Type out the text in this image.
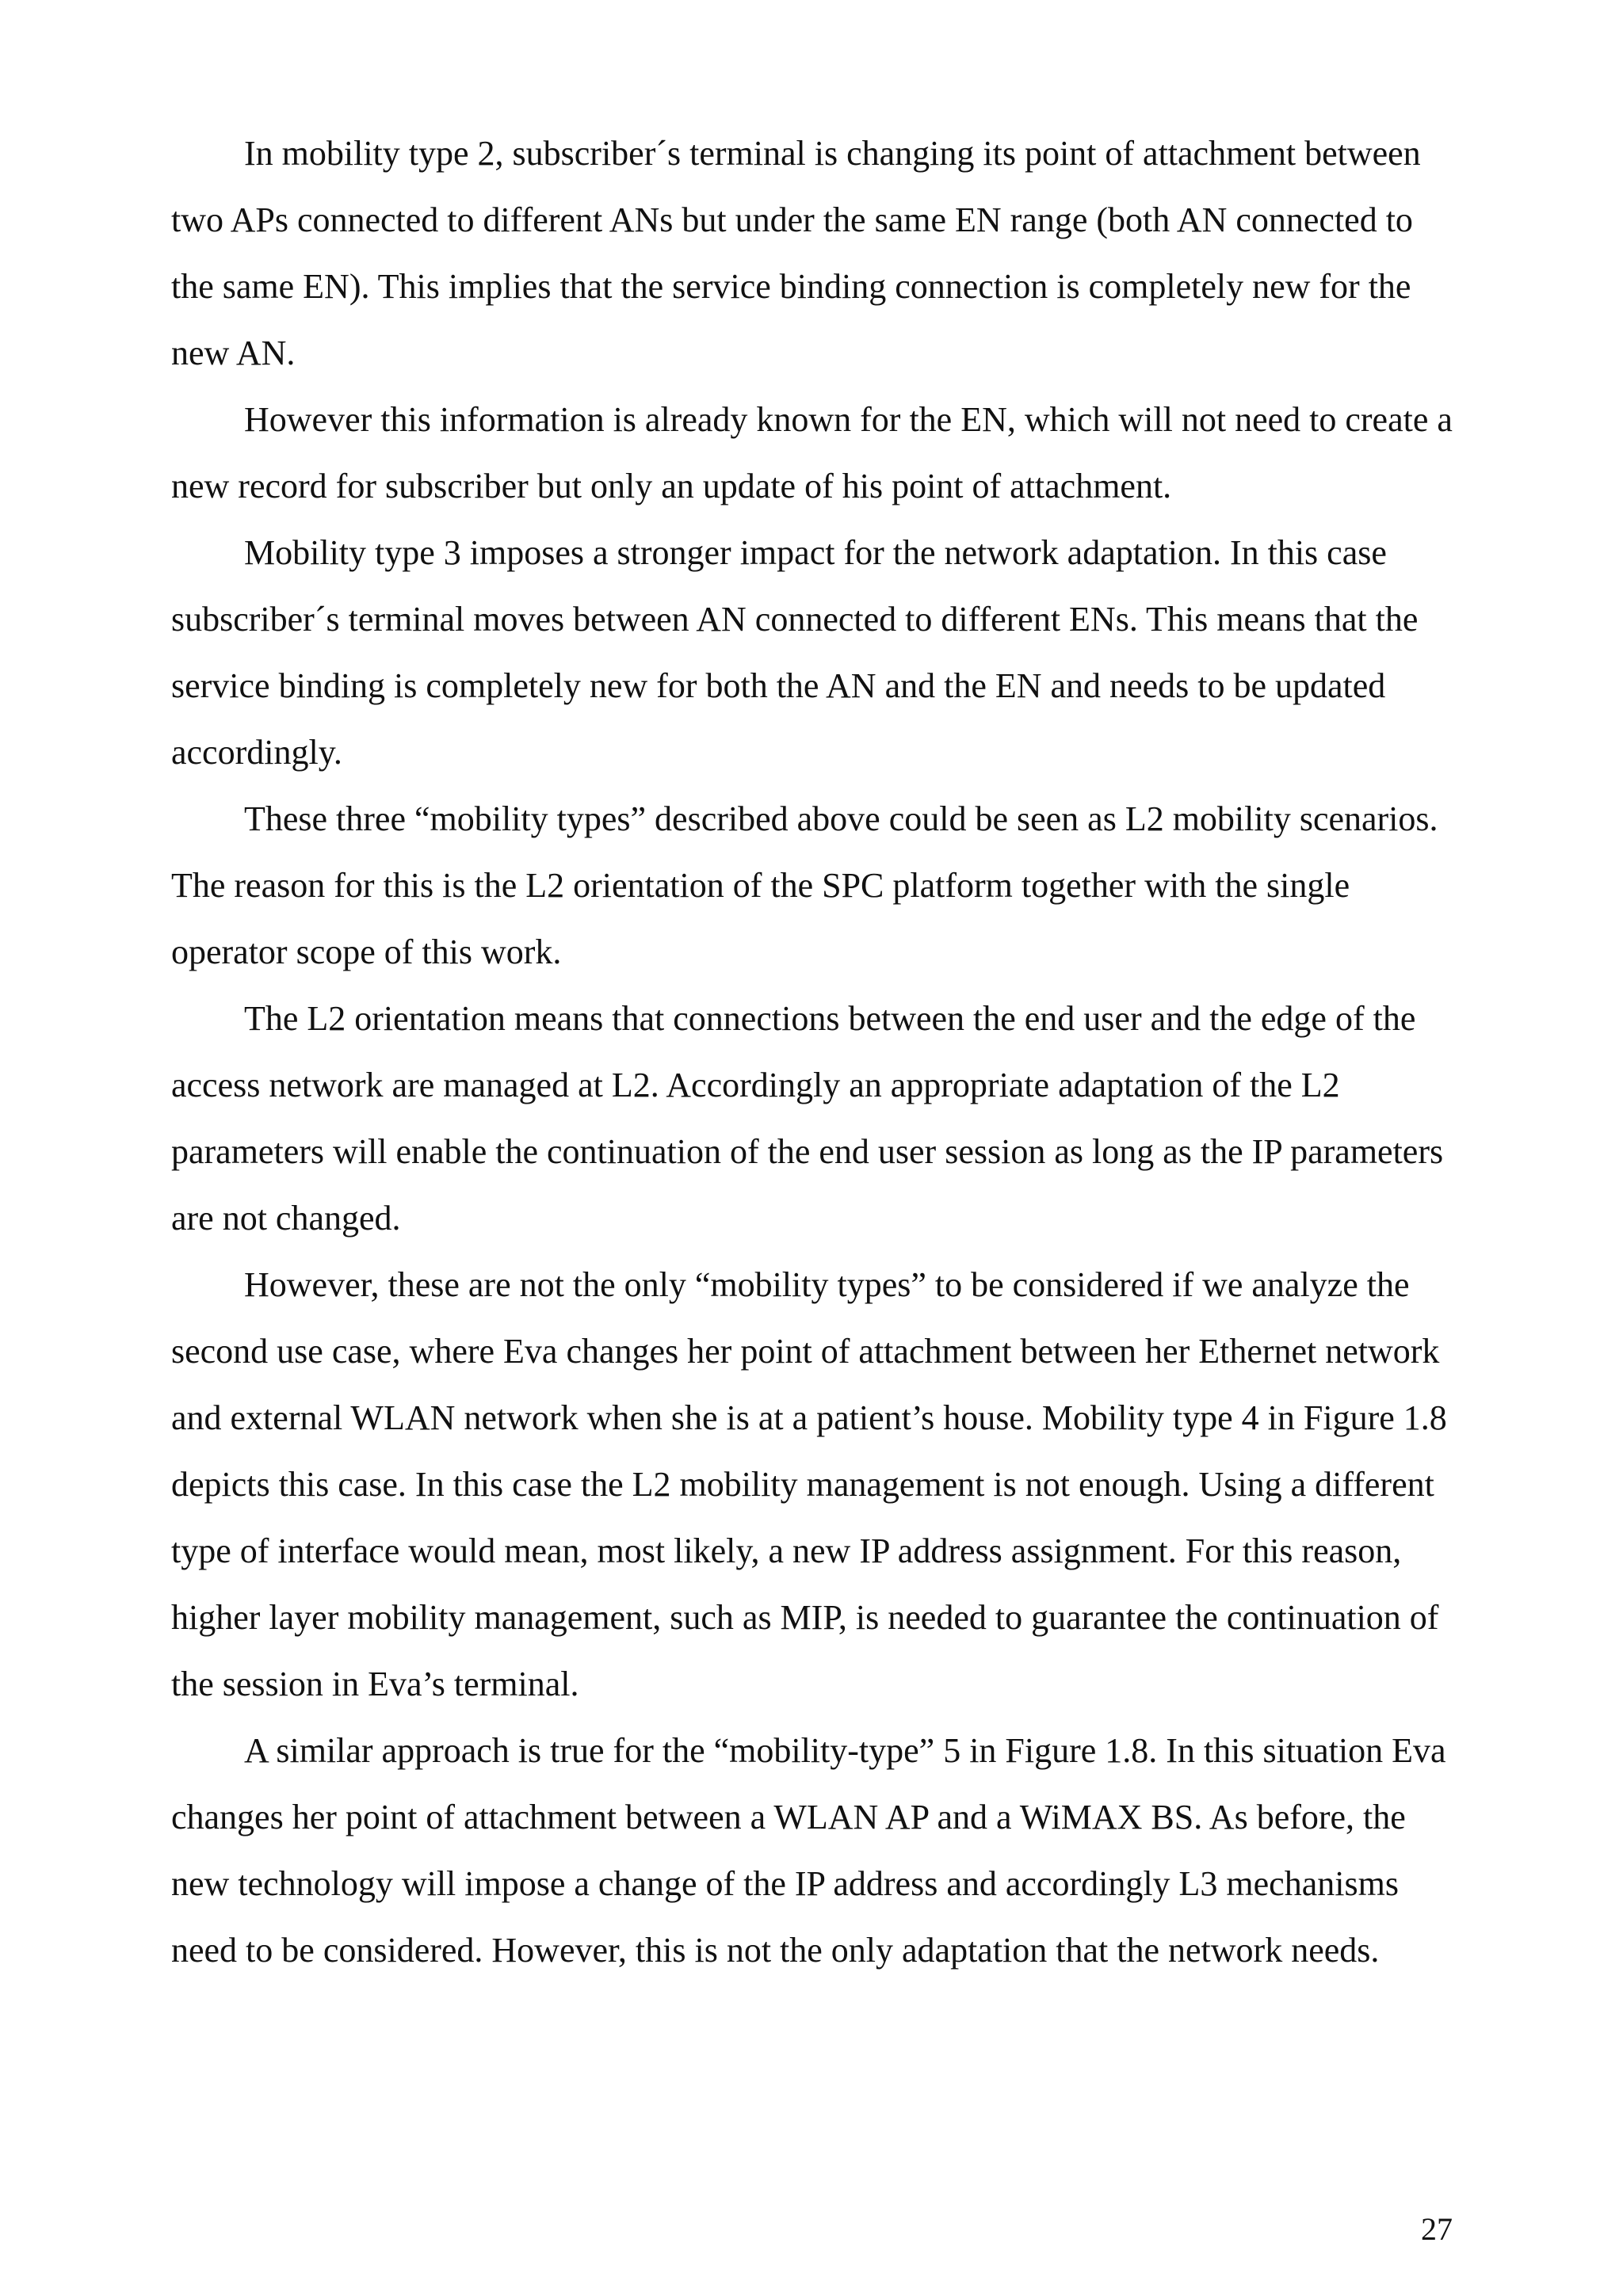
In mobility type 2, subscriber´s terminal is changing its point of attachment between two APs connected to different ANs but under the same EN range (both AN connected to the same EN). This implies that the service binding connection is completely new for the new AN.

However this information is already known for the EN, which will not need to create a new record for subscriber but only an update of his point of attachment.

Mobility type 3 imposes a stronger impact for the network adaptation. In this case subscriber´s terminal moves between AN connected to different ENs. This means that the service binding is completely new for both the AN and the EN and needs to be updated accordingly.

These three “mobility types” described above could be seen as L2 mobility scenarios. The reason for this is the L2 orientation of the SPC platform together with the single operator scope of this work.

The L2 orientation means that connections between the end user and the edge of the access network are managed at L2. Accordingly an appropriate adaptation of the L2 parameters will enable the continuation of the end user session as long as the IP parameters are not changed.

However, these are not the only “mobility types” to be considered if we analyze the second use case, where Eva changes her point of attachment between her Ethernet network and external WLAN network when she is at a patient’s house. Mobility type 4 in Figure 1.8 depicts this case. In this case the L2 mobility management is not enough. Using a different type of interface would mean, most likely, a new IP address assignment. For this reason, higher layer mobility management, such as MIP, is needed to guarantee the continuation of the session in Eva’s terminal.

A similar approach is true for the “mobility-type” 5 in Figure 1.8. In this situation Eva changes her point of attachment between a WLAN AP and a WiMAX BS. As before, the new technology will impose a change of the IP address and accordingly L3 mechanisms need to be considered. However, this is not the only adaptation that the network needs.

27
